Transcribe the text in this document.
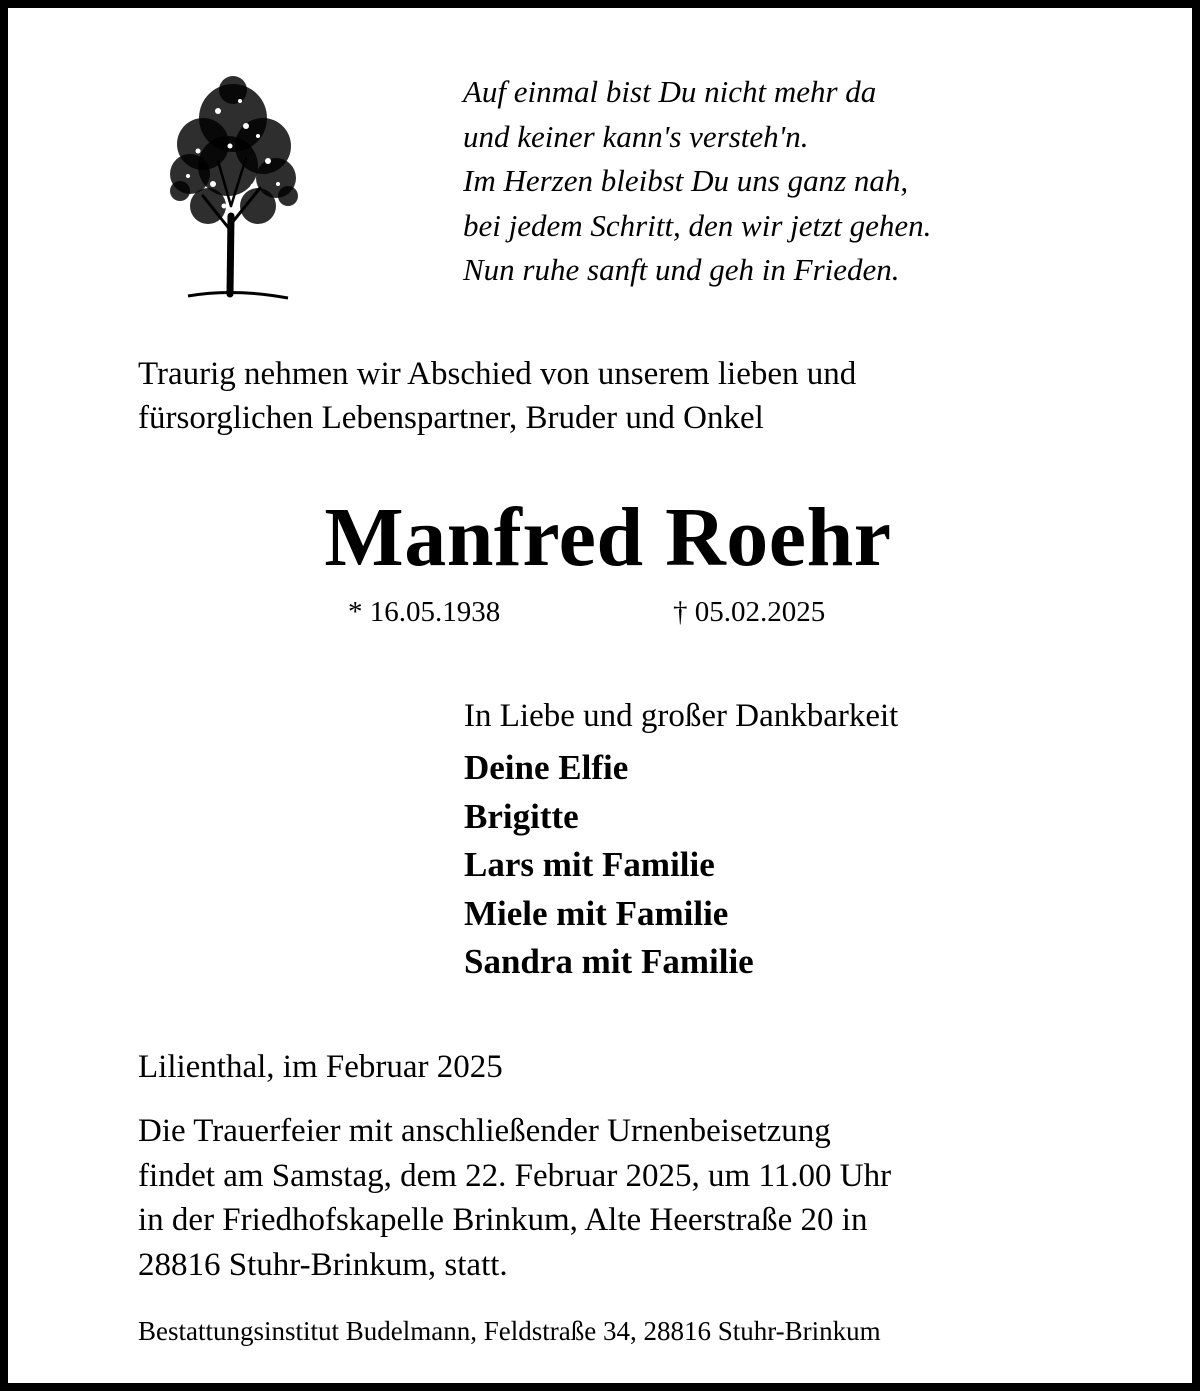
Auf einmal bist Du nicht mehr da
und keiner kann's versteh'n.
Im Herzen bleibst Du uns ganz nah,
bei jedem Schritt, den wir jetzt gehen.
Nun ruhe sanft und geh in Frieden.
Traurig nehmen wir Abschied von unserem lieben und
fürsorglichen Lebenspartner, Bruder und Onkel
Manfred Roehr
* 16.05.1938	† 05.02.2025
In Liebe und großer Dankbarkeit
Deine Elfie
Brigitte
Lars mit Familie
Miele mit Familie
Sandra mit Familie
Lilienthal, im Februar 2025
Die Trauerfeier mit anschließender Urnenbeisetzung
findet am Samstag, dem 22. Februar 2025, um 11.00 Uhr
in der Friedhofskapelle Brinkum, Alte Heerstraße 20 in
28816 Stuhr-Brinkum, statt.
Bestattungsinstitut Budelmann, Feldstraße 34, 28816 Stuhr-Brinkum
